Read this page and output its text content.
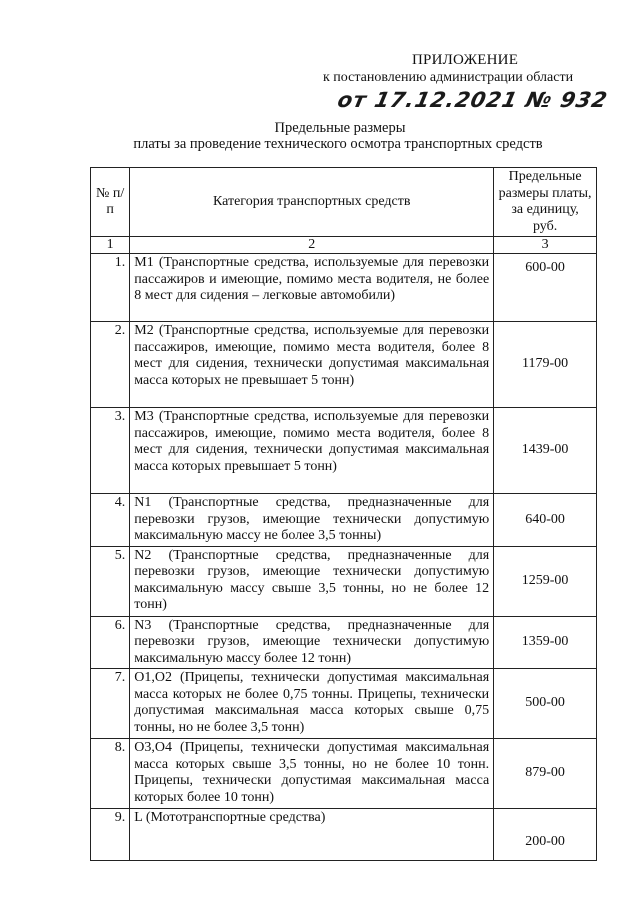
ПРИЛОЖЕНИЕ
к постановлению администрации области
от 17.12.2021 № 932
Предельные размеры
платы за проведение технического осмотра транспортных средств
№ п/п	Категория транспортных средств	Предельные размеры платы, за единицу, руб.
1	2	3
1.	M1 (Транспортные средства, используемые для перевозки пассажиров и имеющие, помимо места водителя, не более 8 мест для сидения – легковые автомобили)	600-00
2.	M2 (Транспортные средства, используемые для перевозки пассажиров, имеющие, помимо места водителя, более 8 мест для сидения, технически допустимая максимальная масса которых не превышает 5 тонн)	1179-00
3.	M3 (Транспортные средства, используемые для перевозки пассажиров, имеющие, помимо места водителя, более 8 мест для сидения, технически допустимая максимальная масса которых превышает 5 тонн)	1439-00
4.	N1 (Транспортные средства, предназначенные для перевозки грузов, имеющие технически допустимую максимальную массу не более 3,5 тонны)	640-00
5.	N2 (Транспортные средства, предназначенные для перевозки грузов, имеющие технически допустимую максимальную массу свыше 3,5 тонны, но не более 12 тонн)	1259-00
6.	N3 (Транспортные средства, предназначенные для перевозки грузов, имеющие технически допустимую максимальную массу более 12 тонн)	1359-00
7.	O1,O2 (Прицепы, технически допустимая максимальная масса которых не более 0,75 тонны. Прицепы, технически допустимая максимальная масса которых свыше 0,75 тонны, но не более 3,5 тонн)	500-00
8.	O3,O4 (Прицепы, технически допустимая максимальная масса которых свыше 3,5 тонны, но не более 10 тонн. Прицепы, технически допустимая максимальная масса которых более 10 тонн)	879-00
9.	L (Мототранспортные средства)	200-00
